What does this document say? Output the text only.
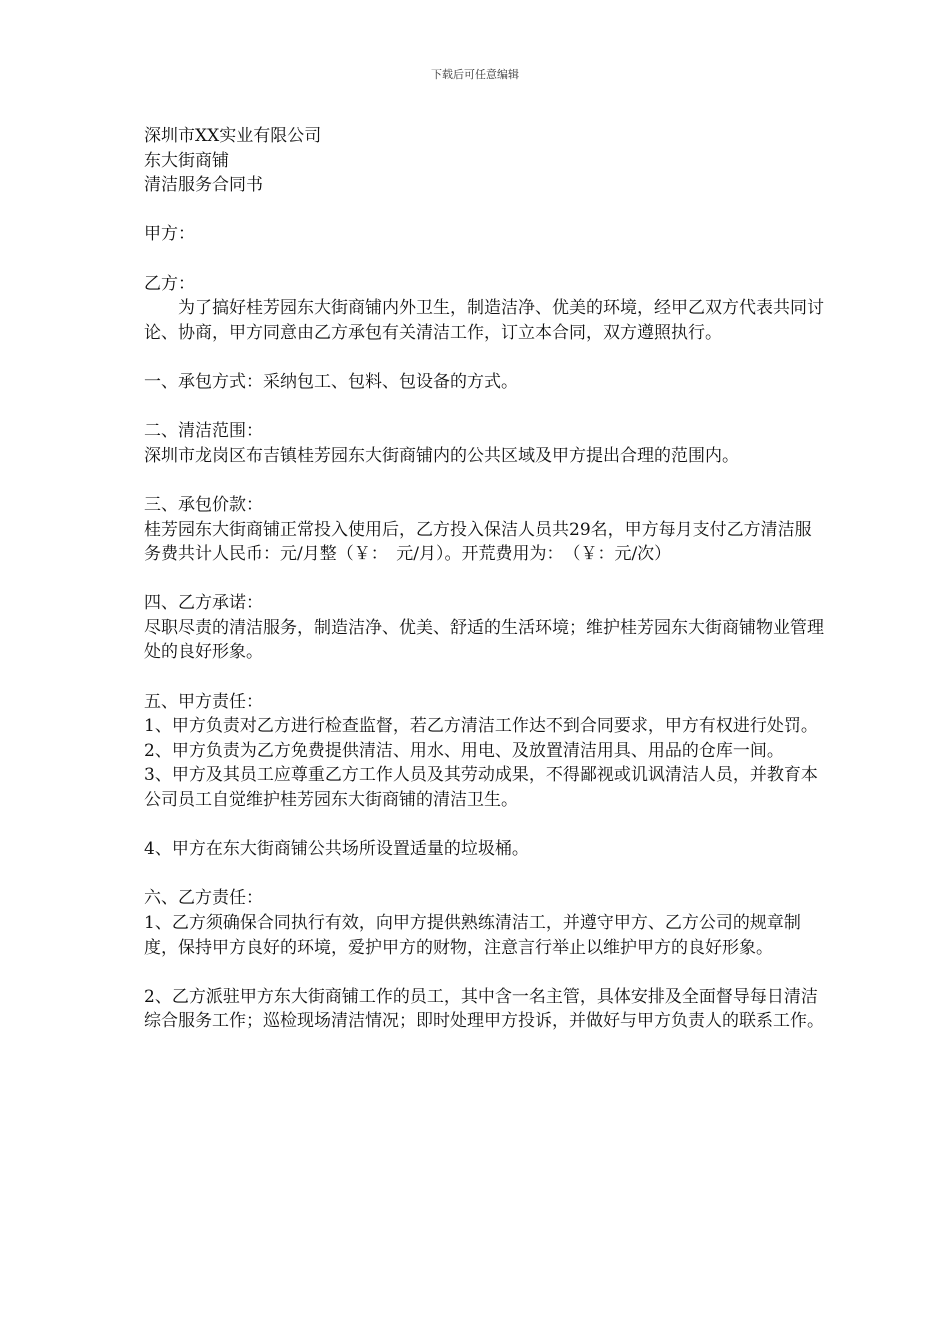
下载后可任意编辑

深圳市XX实业有限公司

东大街商铺

清洁服务合同书

甲方：

乙方：

为了搞好桂芳园东大街商铺内外卫生，制造洁净、优美的环境，经甲乙双方代表共同讨论、协商，甲方同意由乙方承包有关清洁工作，订立本合同，双方遵照执行。

一、承包方式：采纳包工、包料、包设备的方式。

二、清洁范围：

深圳市龙岗区布吉镇桂芳园东大街商铺内的公共区域及甲方提出合理的范围内。

三、承包价款：

桂芳园东大街商铺正常投入使用后，乙方投入保洁人员共29名，甲方每月支付乙方清洁服务费共计人民币：元/月整（￥：　元/月）。开荒费用为：　（￥：元/次）

四、乙方承诺：

尽职尽责的清洁服务，制造洁净、优美、舒适的生活环境；维护桂芳园东大街商铺物业管理处的良好形象。

五、甲方责任：

1、甲方负责对乙方进行检查监督，若乙方清洁工作达不到合同要求，甲方有权进行处罚。

2、甲方负责为乙方免费提供清洁、用水、用电、及放置清洁用具、用品的仓库一间。

3、甲方及其员工应尊重乙方工作人员及其劳动成果，不得鄙视或讥讽清洁人员，并教育本公司员工自觉维护桂芳园东大街商铺的清洁卫生。

4、甲方在东大街商铺公共场所设置适量的垃圾桶。

六、乙方责任：

1、乙方须确保合同执行有效，向甲方提供熟练清洁工，并遵守甲方、乙方公司的规章制度，保持甲方良好的环境，爱护甲方的财物，注意言行举止以维护甲方的良好形象。

2、乙方派驻甲方东大街商铺工作的员工，其中含一名主管，具体安排及全面督导每日清洁综合服务工作；巡检现场清洁情况；即时处理甲方投诉，并做好与甲方负责人的联系工作。
